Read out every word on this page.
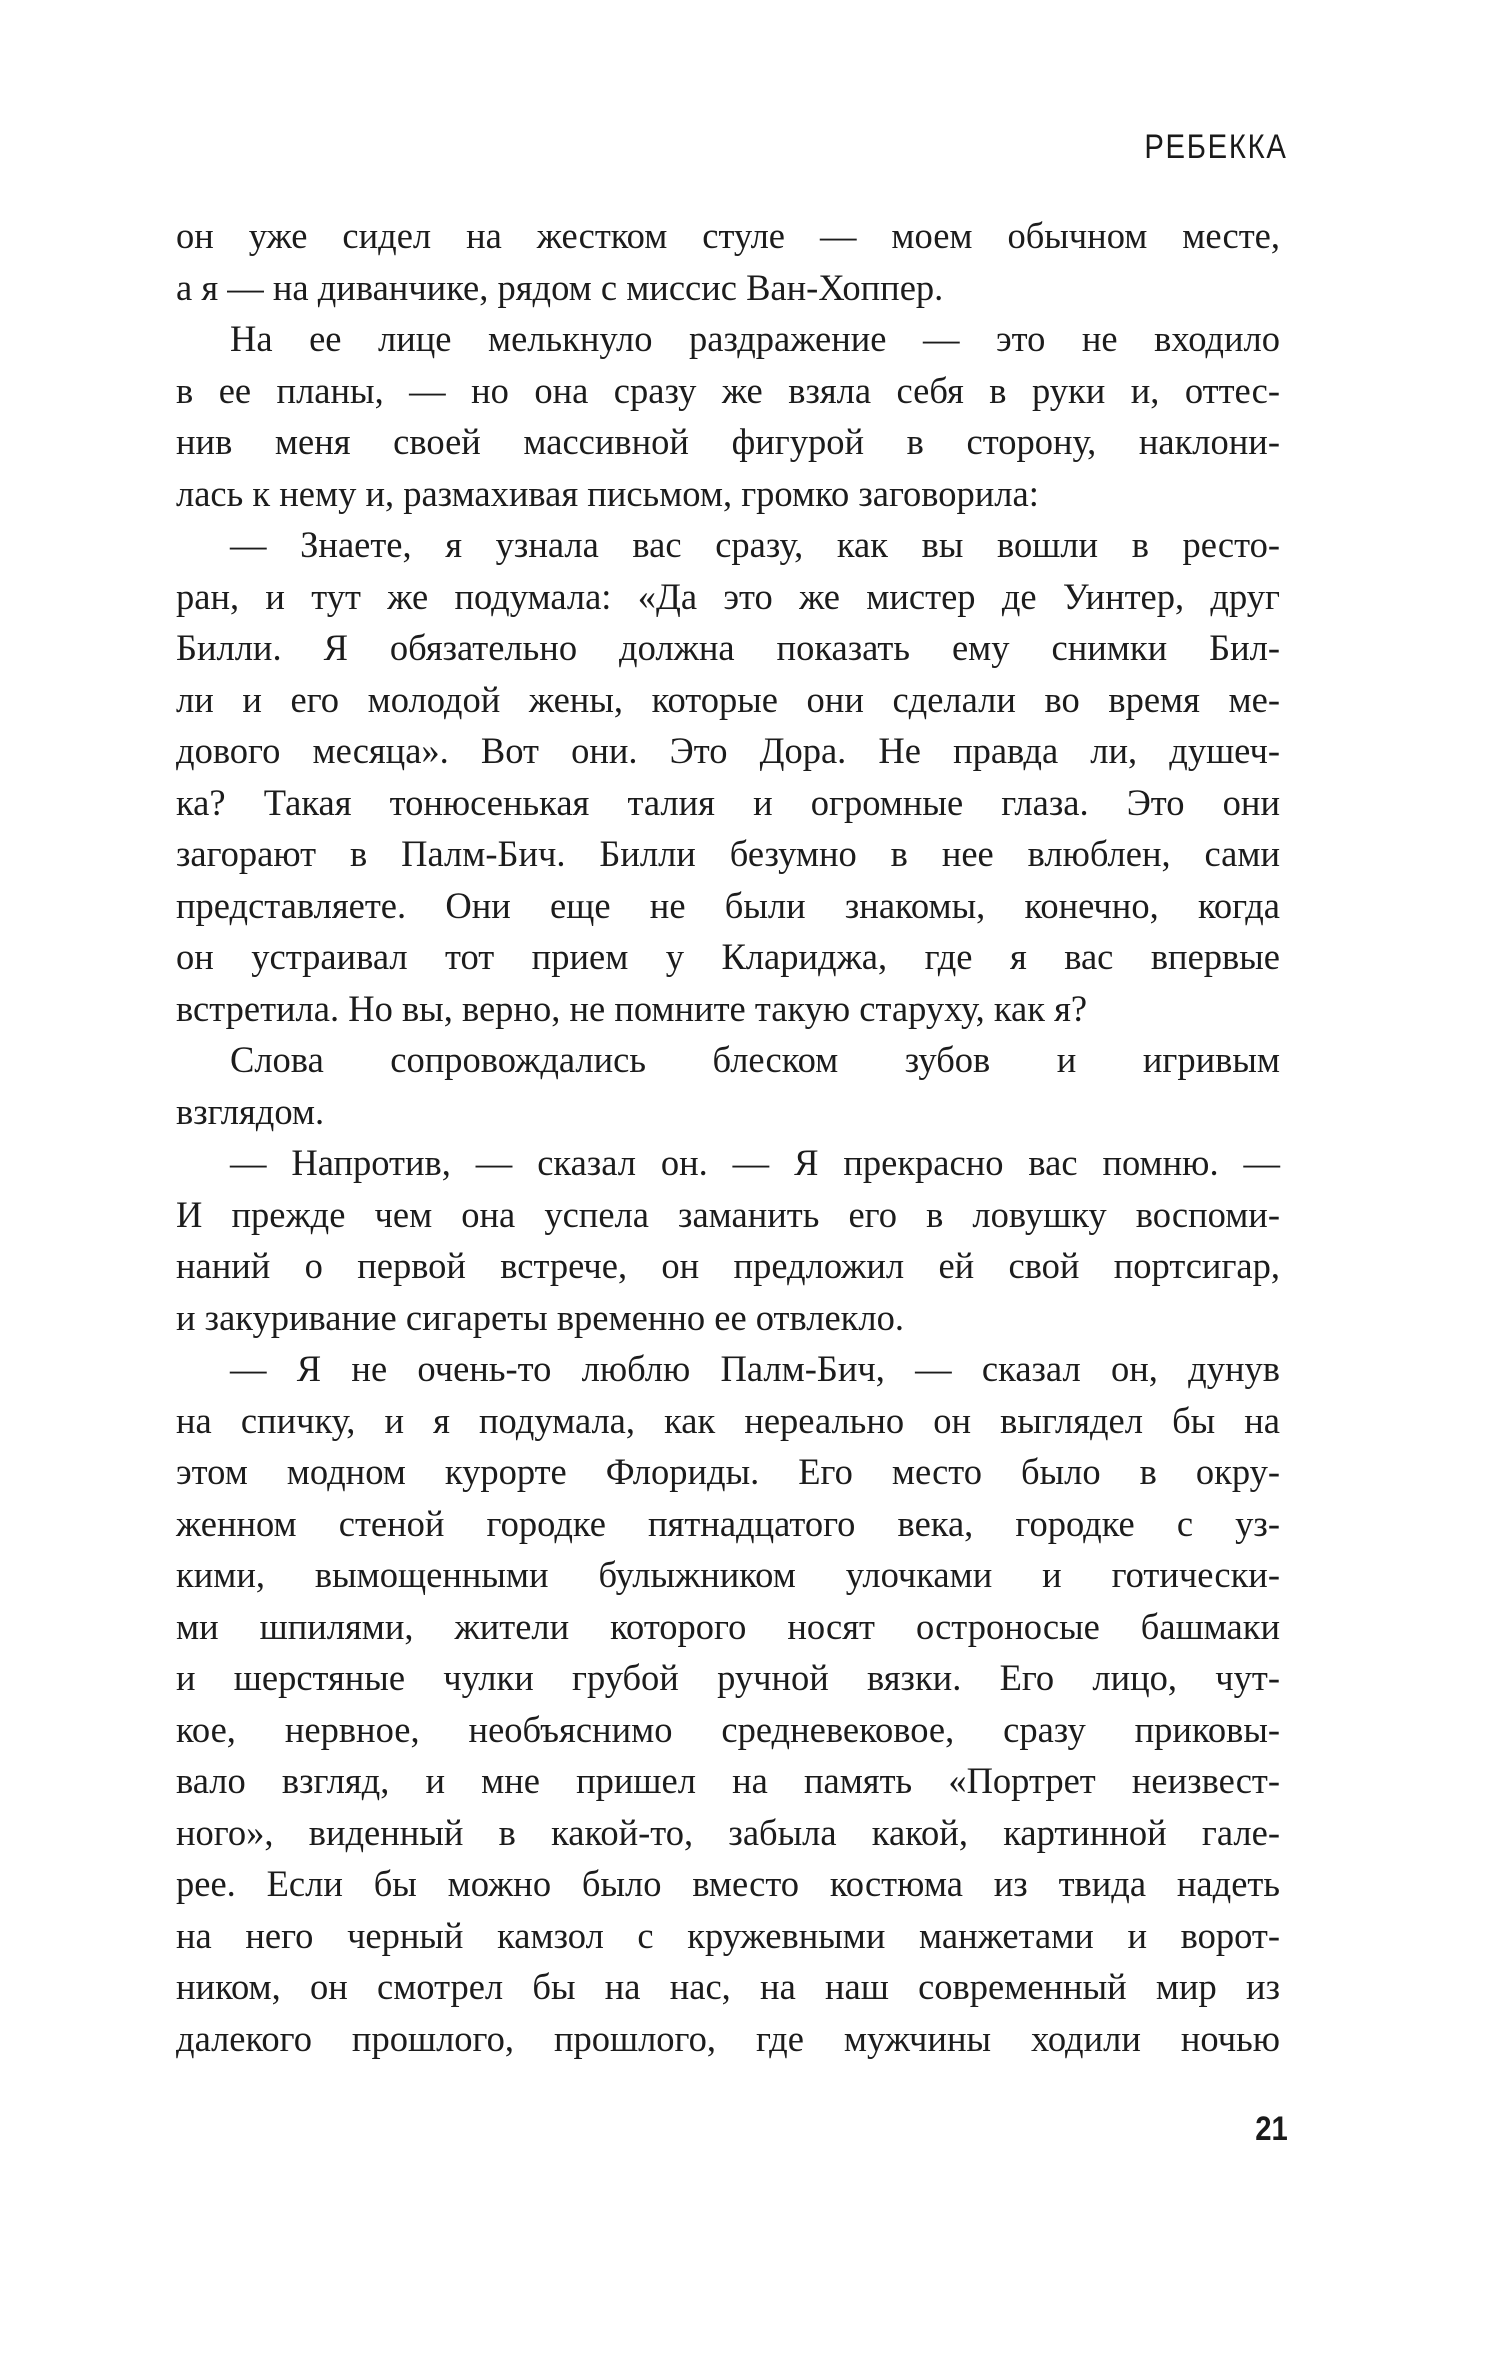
РЕБЕККА
он уже сидел на жестком стуле — моем обычном месте,
а я — на диванчике, рядом с миссис Ван-Хоппер.
На ее лице мелькнуло раздражение — это не входило
в ее планы, — но она сразу же взяла себя в руки и, оттес-
нив меня своей массивной фигурой в сторону, наклони-
лась к нему и, размахивая письмом, громко заговорила:
— Знаете, я узнала вас сразу, как вы вошли в ресто-
ран, и тут же подумала: «Да это же мистер де Уинтер, друг
Билли. Я обязательно должна показать ему снимки Бил-
ли и его молодой жены, которые они сделали во время ме-
дового месяца». Вот они. Это Дора. Не правда ли, душеч-
ка? Такая тонюсенькая талия и огромные глаза. Это они
загорают в Палм-Бич. Билли безумно в нее влюблен, сами
представляете. Они еще не были знакомы, конечно, когда
он устраивал тот прием у Клариджа, где я вас впервые
встретила. Но вы, верно, не помните такую старуху, как я?
Слова сопровождались блеском зубов и игривым
взглядом.
— Напротив, — сказал он. — Я прекрасно вас помню. —
И прежде чем она успела заманить его в ловушку воспоми-
наний о первой встрече, он предложил ей свой портсигар,
и закуривание сигареты временно ее отвлекло.
— Я не очень-то люблю Палм-Бич, — сказал он, дунув
на спичку, и я подумала, как нереально он выглядел бы на
этом модном курорте Флориды. Его место было в окру-
женном стеной городке пятнадцатого века, городке с уз-
кими, вымощенными булыжником улочками и готически-
ми шпилями, жители которого носят остроносые башмаки
и шерстяные чулки грубой ручной вязки. Его лицо, чут-
кое, нервное, необъяснимо средневековое, сразу приковы-
вало взгляд, и мне пришел на память «Портрет неизвест-
ного», виденный в какой-то, забыла какой, картинной гале-
рее. Если бы можно было вместо костюма из твида надеть
на него черный камзол с кружевными манжетами и ворот-
ником, он смотрел бы на нас, на наш современный мир из
далекого прошлого, прошлого, где мужчины ходили ночью
21
